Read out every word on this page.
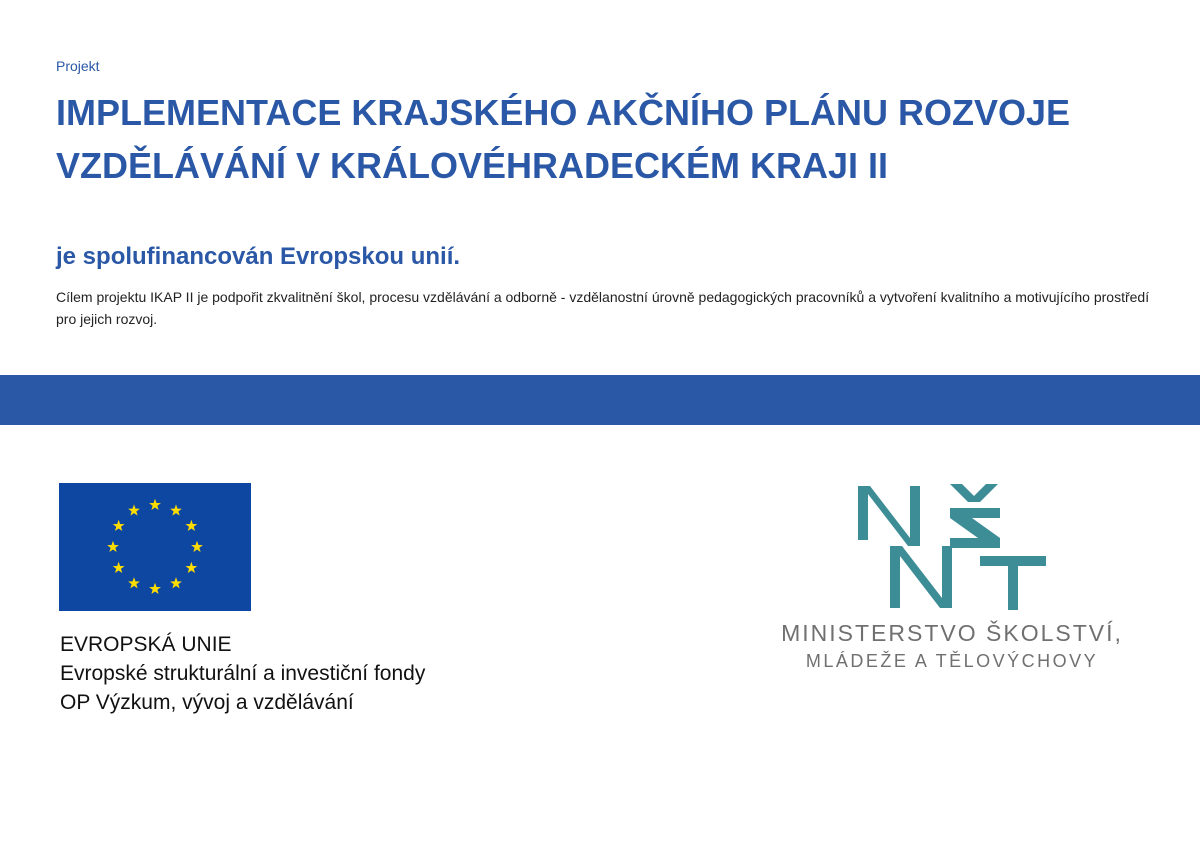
Projekt
IMPLEMENTACE KRAJSKÉHO AKČNÍHO PLÁNU ROZVOJE VZDĚLÁVÁNÍ V KRÁLOVÉHRADECKÉM KRAJI II
je spolufinancován Evropskou unií.
Cílem projektu IKAP II je podpořit zkvalitnění škol, procesu vzdělávání a odborně - vzdělanostní úrovně pedagogických pracovníků a vytvoření kvalitního a motivujícího prostředí pro jejich rozvoj.
EVROPSKÁ UNIE
Evropské strukturální a investiční fondy
OP Výzkum, vývoj a vzdělávání
MINISTERSTVO ŠKOLSTVÍ,
MLÁDEŽE A TĚLOVÝCHOVY
